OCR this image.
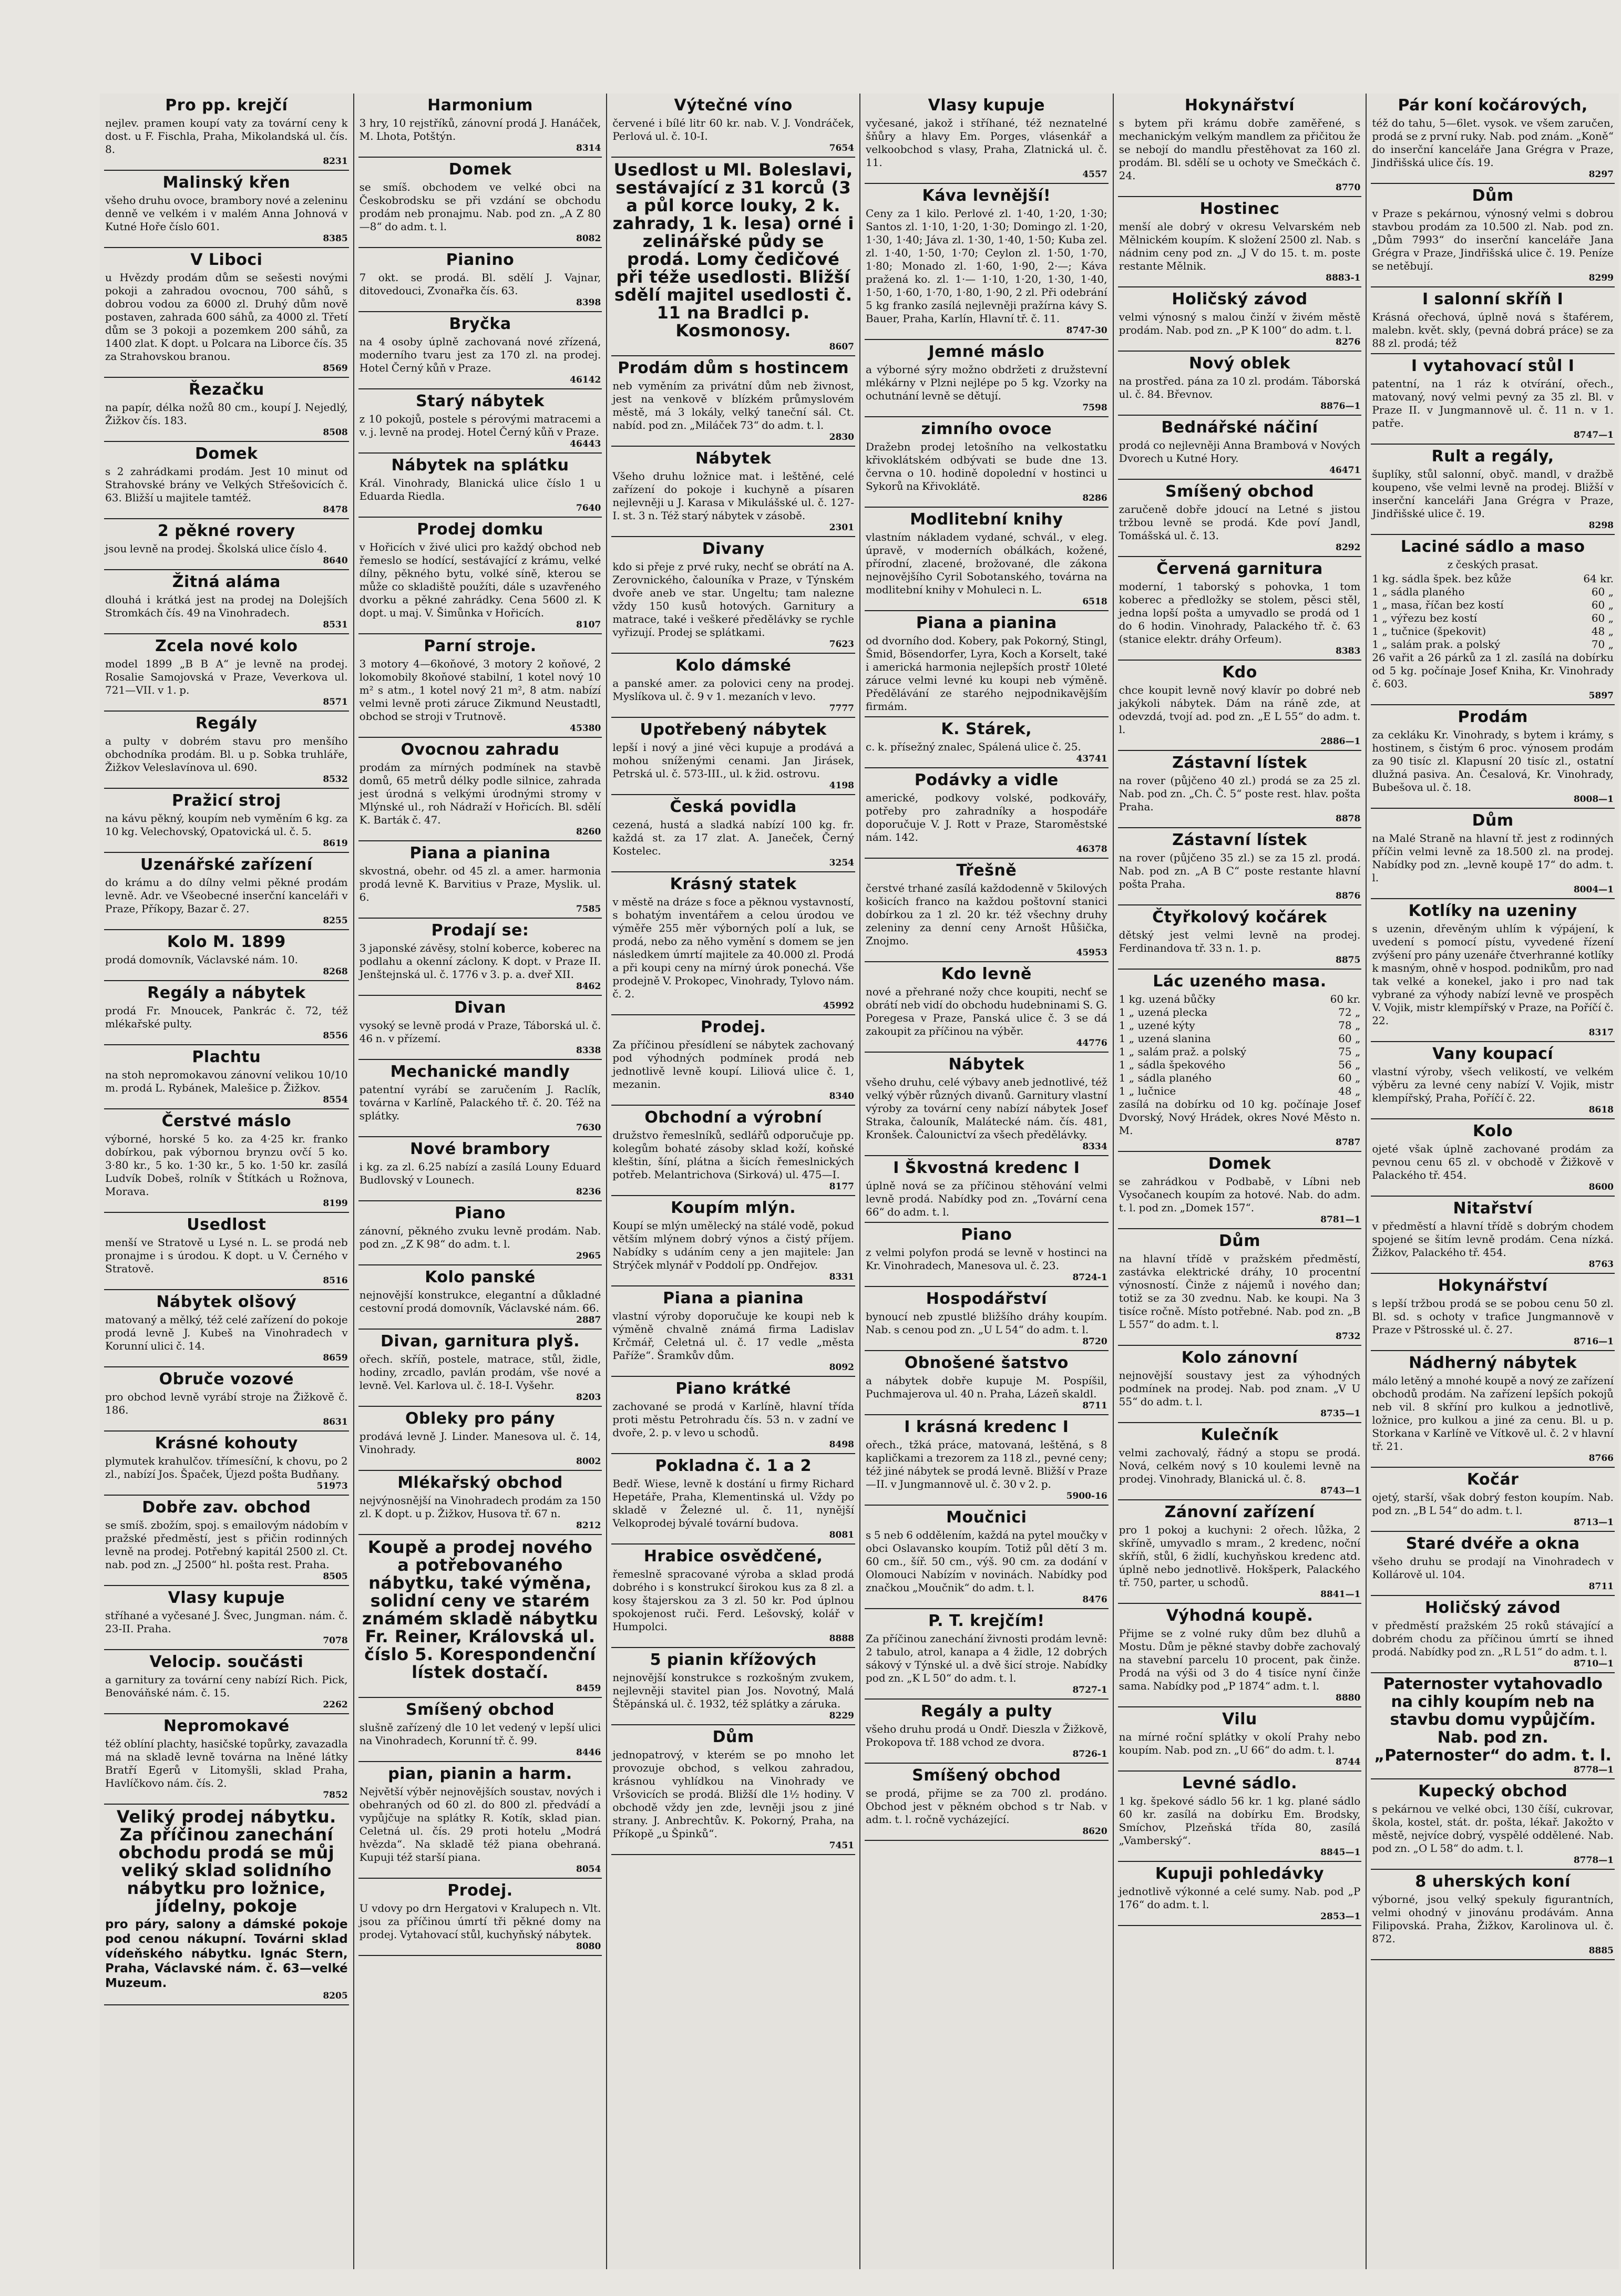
Pro pp. krejčí

nejlev. pramen koupí vaty za tovární ceny k dost. u F. Fischla, Praha, Mikolandská ul. čís. 8.

8231
Malinský křen

všeho druhu ovoce, brambory nové a zeleninu denně ve velkém i v malém Anna Johnová v Kutné Hoře číslo 601.

8385
V Liboci

u Hvězdy prodám dům se sešesti novými pokoji a zahradou ovocnou, 700 sáhů, s dobrou vodou za 6000 zl. Druhý dům nově postaven, zahrada 600 sáhů, za 4000 zl. Třetí dům se 3 pokoji a pozemkem 200 sáhů, za 1400 zlat. K dopt. u Polcara na Liborce čís. 35 za Strahovskou branou.

8569
Řezačku

na papír, délka nožů 80 cm., koupí J. Nejedlý, Žižkov čís. 183.

8508
Domek

s 2 zahrádkami prodám. Jest 10 minut od Strahovské brány ve Velkých Střešovicích č. 63. Bližší u majitele tamtéž.

8478
2 pěkné rovery

jsou levně na prodej. Školská ulice číslo 4.

8640
Žitná aláma

dlouhá i krátká jest na prodej na Dolejších Stromkách čís. 49 na Vinohradech.

8531
Zcela nové kolo

model 1899 „B B A“ je levně na prodej. Rosalie Samojovská v Praze, Veverkova ul. 721—VII. v 1. p.

8571
Regály

a pulty v dobrém stavu pro menšího obchodníka prodám. Bl. u p. Sobka truhláře, Žižkov Veleslavínova ul. 690.

8532
Pražicí stroj

na kávu pěkný, koupím neb vyměním 6 kg. za 10 kg. Velechovský, Opatovická ul. č. 5.

8619
Uzenářské zařízení

do krámu a do dílny velmi pěkné prodám levně. Adr. ve Všeobecné inserční kanceláři v Praze, Příkopy, Bazar č. 27.

8255
Kolo M. 1899

prodá domovník, Václavské nám. 10.

8268
Regály a nábytek

prodá Fr. Mnoucek, Pankrác č. 72, též mlékařské pulty.

8556
Plachtu

na stoh nepromokavou zánovní velikou 10/10 m. prodá L. Rybánek, Malešice p. Žižkov.

8554
Čerstvé máslo

výborné, horské 5 ko. za 4·25 kr. franko dobírkou, pak výbornou brynzu ovčí 5 ko. 3·80 kr., 5 ko. 1·30 kr., 5 ko. 1·50 kr. zasílá Ludvík Dobeš, rolník v Štítkách u Rožnova, Morava.

8199
Usedlost

menší ve Stratově u Lysé n. L. se prodá neb pronajme i s úrodou. K dopt. u V. Černého v Stratově.

8516
Nábytek olšový

matovaný a mělký, též celé zařízení do pokoje prodá levně J. Kubeš na Vinohradech v Korunní ulici č. 14.

8659
Obruče vozové

pro obchod levně vyrábí stroje na Žižkově č. 186.

8631
Krásné kohouty

plymutek krahulčov. třímesíční, k chovu, po 2 zl., nabízí Jos. Špaček, Újezd pošta Budňany.

51973
Dobře zav. obchod

se smíš. zbožím, spoj. s emailovým nádobím v pražské předměstí, jest s přičin rodinných levně na prodej. Potřebný kapitál 2500 zl. Ct. nab. pod zn. „J 2500“ hl. pošta rest. Praha.

8505
Vlasy kupuje

stříhané a vyčesané J. Švec, Jungman. nám. č. 23-II. Praha.

7078
Velocip. součásti

a garnitury za tovární ceny nabízí Rich. Pick, Benováňské nám. č. 15.

2262
Nepromokavé

též oblíní plachty, hasičské topůrky, zavazadla má na skladě levně továrna na lněné látky Bratří Egerů v Litomyšli, sklad Praha, Havlíčkovo nám. čís. 2.

7852
Veliký prodej nábytku. Za příčinou zanechání obchodu prodá se můj veliký sklad solidního nábytku pro ložnice, jídelny, pokoje

pro páry, salony a dámské pokoje pod cenou nákupní. Továrni sklad vídeňského nábytku. Ignác Stern, Praha, Václavské nám. č. 63—velké Muzeum.

8205
Harmonium

3 hry, 10 rejstříků, zánovní prodá J. Hanáček, M. Lhota, Potštýn.

8314
Domek

se smíš. obchodem ve velké obci na Českobrodsku se při vzdání se obchodu prodám neb pronajmu. Nab. pod zn. „A Z 80—8“ do adm. t. l.

8082
Pianino

7 okt. se prodá. Bl. sdělí J. Vajnar, ditovedouci, Zvonařka čís. 63.

8398
Bryčka

na 4 osoby úplně zachovaná nové zřízená, moderního tvaru jest za 170 zl. na prodej. Hotel Černý kůň v Praze.

46142
Starý nábytek

z 10 pokojů, postele s pérovými matracemi a v. j. levně na prodej. Hotel Černý kůň v Praze.

46443
Nábytek na splátku

Král. Vinohrady, Blanická ulice číslo 1 u Eduarda Riedla.

7640
Prodej domku

v Hořicích v živé ulici pro každý obchod neb řemeslo se hodící, sestávající z krámu, velké dílny, pěkného bytu, volké síně, kterou se může co skladiště použíti, dále s uzavřeného dvorku a pěkné zahrádky. Cena 5600 zl. K dopt. u maj. V. Šimůnka v Hořicích.

8107
Parní stroje.

3 motory 4—6koňové, 3 motory 2 koňové, 2 lokomobily 8koňové stabilní, 1 kotel nový 10 m² s atm., 1 kotel nový 21 m², 8 atm. nabízí velmi levně proti záruce Zikmund Neustadtl, obchod se stroji v Trutnově.

45380
Ovocnou zahradu

prodám za mírných podmínek na stavbě domů, 65 metrů délky podle silnice, zahrada jest úrodná s velkými úrodnými stromy v Mlýnské ul., roh Nádraží v Hořicích. Bl. sdělí K. Barták č. 47.

8260
Piana a pianina

skvostná, obehr. od 45 zl. a amer. harmonia prodá levně K. Barvitius v Praze, Myslik. ul. 6.

7585
Prodají se:

3 japonské závěsy, stolní koberce, koberec na podlahu a okenní záclony. K dopt. v Praze II. Jenštejnská ul. č. 1776 v 3. p. a. dveř XII.

8462
Divan

vysoký se levně prodá v Praze, Táborská ul. č. 46 n. v přízemí.

8338
Mechanické mandly

patentní vyrábí se zaručením J. Raclík, továrna v Karlíně, Palackého tř. č. 20. Též na splátky.

7630
Nové brambory

i kg. za zl. 6.25 nabízí a zasílá Louny Eduard Budlovský v Lounech.

8236
Piano

zánovní, pěkného zvuku levně prodám. Nab. pod zn. „Z K 98“ do adm. t. l.

2965
Kolo panské

nejnovější konstrukce, elegantní a důkladné cestovní prodá domovník, Václavské nám. 66.

2887
Divan, garnitura plyš.

ořech. skříň, postele, matrace, stůl, židle, hodiny, zrcadlo, pavlán prodám, vše nové a levně. Vel. Karlova ul. č. 18-I. Vyšehr.

8203
Obleky pro pány

prodává levně J. Linder. Manesova ul. č. 14, Vinohrady.

8002
Mlékařský obchod

nejvýnosnější na Vinohradech prodám za 150 zl. K dopt. u p. Žižkov, Husova tř. 67 n.

8212
Koupě a prodej nového a potřebovaného nábytku, také výměna, solidní ceny ve starém známém skladě nábytku Fr. Reiner, Královská ul. číslo 5. Korespondenční lístek dostačí.
8459
Smíšený obchod

slušně zařízený dle 10 let vedený v lepší ulici na Vinohradech, Korunní tř. č. 99.

8446
pian, pianin a harm.

Největší výběr nejnovějších soustav, nových i obehraných od 60 zl. do 800 zl. předvádí a vypůjčuje na splátky R. Kotík, sklad pian. Celetná ul. čís. 29 proti hotelu „Modrá hvězda“. Na skladě též piana obehraná. Kupuji též starší piana.

8054
Prodej.

U vdovy po drn Hergatovi v Kralupech n. Vlt. jsou za příčinou úmrtí tři pěkné domy na prodej. Vytahovací stůl, kuchyňský nábytek.

8080
Výtečné víno

červené i bílé litr 60 kr. nab. V. J. Vondráček, Perlová ul. č. 10-I.

7654
Usedlost u Ml. Boleslavi, sestávající z 31 korců (3 a půl korce louky, 2 k. zahrady, 1 k. lesa) orné i zelinářské půdy se prodá. Lomy čedičové při téže usedlosti. Bližší sdělí majitel usedlosti č. 11 na Bradlci p. Kosmonosy.
8607
Prodám dům s hostincem

neb vyměním za privátní dům neb živnost, jest na venkově v blízkém průmyslovém městě, má 3 lokály, velký taneční sál. Ct. nabíd. pod zn. „Miláček 73“ do adm. t. l.

2830
Nábytek

Všeho druhu ložnice mat. i leštěné, celé zařízení do pokoje i kuchyně a písaren nejlevněji u J. Karasa v Mikulášské ul. č. 127-I. st. 3 n. Též starý nábytek v zásobě.

2301
Divany

kdo si přeje z prvé ruky, nechť se obrátí na A. Zerovnického, čalouníka v Praze, v Týnském dvoře aneb ve star. Ungeltu; tam nalezne vždy 150 kusů hotových. Garnitury a matrace, také i veškeré předělávky se rychle vyřizují. Prodej se splátkami.

7623
Kolo dámské

a panské amer. za polovici ceny na prodej. Myslíkova ul. č. 9 v 1. mezaních v levo.

7777
Upotřebený nábytek

lepší i nový a jiné věci kupuje a prodává a mohou sníženými cenami. Jan Jirásek, Petrská ul. č. 573-III., ul. k žid. ostrovu.

4198
Česká povidla

cezená, hustá a sladká nabízí 100 kg. fr. každá st. za 17 zlat. A. Janeček, Černý Kostelec.

3254
Krásný statek

v městě na dráze s foce a pěknou vystavností, s bohatým inventářem a celou úrodou ve výměře 255 měr výborných polí a luk, se prodá, nebo za něho vymění s domem se jen následkem úmrtí majitele za 40.000 zl. Prodá a při koupi ceny na mírný úrok ponechá. Vše prodejně V. Prokopec, Vinohrady, Tylovo nám. č. 2.

45992
Prodej.

Za příčinou přesídlení se nábytek zachovaný pod výhodných podmínek prodá neb jednotlivě levně koupí. Liliová ulice č. 1, mezanin.

8340
Obchodní a výrobní

družstvo řemeslníků, sedlářů odporučuje pp. kolegům bohaté zásoby sklad koží, koňské kleštin, šíní, plátna a šicích řemeslnických potřeb. Melantrichova (Sirková) ul. 475—I.

8177
Koupím mlýn.

Koupí se mlýn umělecký na stálé vodě, pokud větším mlýnem dobrý výnos a čistý příjem. Nabídky s udáním ceny a jen majitele: Jan Strýček mlynář v Poddolí pp. Ondřejov.

8331
Piana a pianina

vlastní výroby doporučuje ke koupi neb k výměně chvalně známá firma Ladislav Krčmář, Celetná ul. č. 17 vedle „města Paříže“. Šramkův dům.

8092
Piano krátké

zachované se prodá v Karlíně, hlavní třída proti městu Petrohradu čís. 53 n. v zadní ve dvoře, 2. p. v levo u schodů.

8498
Pokladna č. 1 a 2

Bedř. Wiese, levně k dostání u firmy Richard Hepetáře, Praha, Klementinská ul. Vždy po skladě v Železné ul. č. 11, nynější Velkoprodej bývalé tovární budova.

8081
Hrabice osvědčené,

řemeslně spracované výroba a sklad prodá dobrého i s konstrukcí širokou kus za 8 zl. a kosy štajerskou za 3 zl. 50 kr. Pod úplnou spokojenost ruči. Ferd. Lešovský, kolář v Humpolci.

8888
5 pianin křížových

nejnovější konstrukce s rozkošným zvukem, nejlevněji stavitel pian Jos. Novotný, Malá Štěpánská ul. č. 1932, též splátky a záruka.

8229
Dům

jednopatrový, v kterém se po mnoho let provozuje obchod, s velkou zahradou, krásnou vyhlídkou na Vinohrady ve Vršovicích se prodá. Bližší dle 1½ hodiny. V obchodě vždy jen zde, levněji jsou z jiné strany. J. Anbrechtův. K. Pokorný, Praha, na Příkopě „u Špinků“.

7451
Vlasy kupuje

vyčesané, jakož i stříhané, též neznatelné šňůry a hlavy Em. Porges, vlásenkář a velkoobchod s vlasy, Praha, Zlatnická ul. č. 11.

4557
Káva levnější!

Ceny za 1 kilo. Perlové zl. 1·40, 1·20, 1·30; Santos zl. 1·10, 1·20, 1·30; Domingo zl. 1·20, 1·30, 1·40; Jáva zl. 1·30, 1·40, 1·50; Kuba zel. zl. 1·40, 1·50, 1·70; Ceylon zl. 1·50, 1·70, 1·80; Monado zl. 1·60, 1·90, 2·—; Káva pražená ko. zl. 1·— 1·10, 1·20, 1·30, 1·40, 1·50, 1·60, 1·70, 1·80, 1·90, 2 zl. Při odebrání 5 kg franko zasílá nejlevněji pražírna kávy S. Bauer, Praha, Karlín, Hlavní tř. č. 11.

8747-30
Jemné máslo

a výborné sýry možno obdržeti z družstevní mlékárny v Plzni nejlépe po 5 kg. Vzorky na ochutnání levně se dětují.

7598
zimního ovoce

Dražebn prodej letošního na velkostatku křivoklátském odbývati se bude dne 13. června o 10. hodině dopolední v hostinci u Sykorů na Křivoklátě.

8286
Modlitební knihy

vlastním nákladem vydané, schvál., v eleg. úpravě, v moderních obálkách, kožené, přírodní, zlacené, brožované, dle zákona nejnovějšího Cyril Sobotanského, továrna na modlitební knihy v Mohuleci n. L.

6518
Piana a pianina

od dvorního dod. Kobery, pak Pokorný, Stingl, Šmid, Bösendorfer, Lyra, Koch a Korselt, také i americká harmonia nejlepších prostř 10leté záruce velmi levné ku koupi neb výměně. Předělávání ze starého nejpodnikavějším firmám.

K. Stárek,

c. k. přísežný znalec, Spálená ulice č. 25.

43741
Podávky a vidle

americké, podkovy volské, podkovářy, potřeby pro zahradníky a hospodáře doporučuje V. J. Rott v Praze, Staroměstské nám. 142.

46378
Třešně

čerstvé trhané zasílá každodenně v 5kilových košicích franco na každou poštovní stanici dobírkou za 1 zl. 20 kr. též všechny druhy zeleniny za denní ceny Arnošt Hůšička, Znojmo.

45953
Kdo levně

nové a přehrané nožy chce koupiti, nechť se obrátí neb vidí do obchodu hudebninami S. G. Poregesa v Praze, Panská ulice č. 3 se dá zakoupit za příčinou na výběr.

44776
Nábytek

všeho druhu, celé výbavy aneb jednotlivé, též velký výběr různých divanů. Garnitury vlastní výroby za tovární ceny nabízí nábytek Josef Straka, čalouník, Malátecké nám. čís. 481, Kronšek. Čalounictví za všech předělávky.

8334
I Škvostná kredenc I

úplně nová se za příčinou stěhování velmi levně prodá. Nabídky pod zn. „Tovární cena 66“ do adm. t. l.

Piano

z velmi polyfon prodá se levně v hostinci na Kr. Vinohradech, Manesova ul. č. 23.

8724-1
Hospodářství

bynoucí neb zpustlé bližšího dráhy koupím. Nab. s cenou pod zn. „U L 54“ do adm. t. l.

8720
Obnošené šatstvo

a nábytek dobře kupuje M. Pospíšil, Puchmajerova ul. 40 n. Praha, Lázeň skaldl.

8711
I krásná kredenc I

ořech., tžká práce, matovaná, leštěná, s 8 kapličkami a trezorem za 118 zl., pevné ceny; též jiné nábytek se prodá levně. Bližší v Praze—II. v Jungmannově ul. č. 30 v 2. p.

5900-16
Moučnici

s 5 neb 6 oddělením, každá na pytel moučky v obci Oslavansko koupím. Totiž půl dětí 3 m. 60 cm., šíř. 50 cm., výš. 90 cm. za dodání v Olomouci Nabízím v novinách. Nabídky pod značkou „Moučnik“ do adm. t. l.

8476
P. T. krejčím!

Za příčinou zanechání živnosti prodám levně: 2 tabulo, atrol, kanapa a 4 židle, 12 dobrých sákový v Týnské ul. a dvě šicí stroje. Nabídky pod zn. „K L 50“ do adm. t. l.

8727-1
Regály a pulty

všeho druhu prodá u Ondř. Dieszla v Žižkově, Prokopova tř. 188 vchod ze dvora.

8726-1
Smíšený obchod

se prodá, přijme se za 700 zl. prodáno. Obchod jest v pěkném obchod s tr Nab. v adm. t. l. ročně vycházející.

8620
Hokynářství

s bytem při krámu dobře zaměřené, s mechanickým velkým mandlem za přičitou že se nebojí do mandlu přestěhovat za 160 zl. prodám. Bl. sdělí se u ochoty ve Smečkách č. 24.

8770
Hostinec

menší ale dobrý v okresu Velvarském neb Mělnickém koupím. K složení 2500 zl. Nab. s nádnim ceny pod zn. „J V do 15. t. m. poste restante Mělnik.

8883-1
Holičský závod

velmi výnosný s malou činží v živém městě prodám. Nab. pod zn. „P K 100“ do adm. t. l.

8276
Nový oblek

na prostřed. pána za 10 zl. prodám. Táborská ul. č. 84. Břevnov.

8876—1
Bednářské náčiní

prodá co nejlevněji Anna Brambová v Nových Dvorech u Kutné Hory.

46471
Smíšený obchod

zaručeně dobře jdoucí na Letné s jistou tržbou levně se prodá. Kde poví Jandl, Tomášská ul. č. 13.

8292
Červená garnitura

moderní, 1 taborský s pohovka, 1 tom koberec a předložky se stolem, pěsci stěl, jedna lopší pošta a umyvadlo se prodá od 1 do 6 hodin. Vinohrady, Palackého tř. č. 63 (stanice elektr. dráhy Orfeum).

8383
Kdo

chce koupit levně nový klavír po dobré neb jakýkoli nábytek. Dám na ráně zde, at odevzdá, tvojí ad. pod zn. „E L 55“ do adm. t. l.

2886—1
Zástavní lístek

na rover (půjčeno 40 zl.) prodá se za 25 zl. Nab. pod zn. „Ch. Č. 5“ poste rest. hlav. pošta Praha.

8878
Zástavní lístek

na rover (půjčeno 35 zl.) se za 15 zl. prodá. Nab. pod zn. „A B C“ poste restante hlavní pošta Praha.

8876
Čtyřkolový kočárek

dětský jest velmi levně na prodej. Ferdinandova tř. 33 n. 1. p.

8875
Lác uzeného masa.
1 kg. uzená bůčky	60 kr.
1 „ uzená plecka	72 „
1 „ uzené kýty	78 „
1 „ uzená slanina	60 „
1 „ salám praž. a polský	75 „
1 „ sádla špekového	56 „
1 „ sádla planého	60 „
1 „ lučnice	48 „

zasílá na dobírku od 10 kg. počínaje Josef Dvorský, Nový Hrádek, okres Nové Město n. M.

8787
Domek

se zahrádkou v Podbabě, v Líbni neb Vysočanech koupím za hotové. Nab. do adm. t. l. pod zn. „Domek 157“.

8781—1
Dům

na hlavní třídě v pražském předměstí, zastávka elektrické dráhy, 10 procentní výnosností. Činže z nájemů i nového dan; totiž se za 30 zvednu. Nab. ke koupi. Na 3 tisíce ročně. Místo potřebné. Nab. pod zn. „B L 557“ do adm. t. l.

8732
Kolo zánovní

nejnovější soustavy jest za výhodných podmínek na prodej. Nab. pod znam. „V U 55“ do adm. t. l.

8735—1
Kulečník

velmi zachovalý, řádný a stopu se prodá. Nová, celkém nový s 10 koulemi levně na prodej. Vinohrady, Blanická ul. č. 8.

8743—1
Zánovní zařízení

pro 1 pokoj a kuchyni: 2 ořech. lůžka, 2 skříně, umyvadlo s mram., 2 kredenc, noční skříň, stůl, 6 židlí, kuchyňskou kredenc atd. úplně nebo jednotlivě. Hokšperk, Palackého tř. 750, parter, u schodů.

8841—1
Výhodná koupě.

Přijme se z volné ruky dům bez dluhů a Mostu. Dům je pěkné stavby dobře zachovalý na stavební parcelu 10 procent, pak činže. Prodá na výši od 3 do 4 tisíce nyní činže sama. Nabídky pod „P 1874“ adm. t. l.

8880
Vilu

na mírné roční splátky v okolí Prahy nebo koupím. Nab. pod zn. „U 66“ do adm. t. l.

8744
Levné sádlo.

1 kg. špekové sádlo 56 kr. 1 kg. plané sádlo 60 kr. zasílá na dobírku Em. Brodsky, Smíchov, Plzeňská třída 80, zasílá „Vamberský“.

8845—1
Kupuji pohledávky

jednotlivě výkonné a celé sumy. Nab. pod „P 176“ do adm. t. l.

2853—1
Pár koní kočárových,

též do tahu, 5—6let. vysok. ve všem zaručen, prodá se z první ruky. Nab. pod znám. „Koně“ do inserční kanceláře Jana Grégra v Praze, Jindřišská ulice čís. 19.

8297
Dům

v Praze s pekárnou, výnosný velmi s dobrou stavbou prodám za 10.500 zl. Nab. pod zn. „Dům 7993“ do inserční kanceláře Jana Grégra v Praze, Jindřišská ulice č. 19. Peníze se netěbují.

8299
I salonní skříň I

Krásná ořechová, úplně nová s štaférem, malebn. květ. skly, (pevná dobrá práce) se za 88 zl. prodá; též

I vytahovací stůl I

patentní, na 1 ráz k otvírání, ořech., matovaný, nový velmi pevný za 35 zl. Bl. v Praze II. v Jungmannově ul. č. 11 n. v 1. patře.

8747—1
Rult a regály,

šuplíky, stůl salonní, obyč. mandl, v dražbě koupeno, vše velmi levně na prodej. Bližší v inserční kanceláři Jana Grégra v Praze, Jindřišské ulice č. 19.

8298
Laciné sádlo a maso

z českých prasat.

1 kg. sádla špek. bez kůže	64 kr.
1 „ sádla planého	60 „
1 „ masa, říčan bez kostí	60 „
1 „ výřezu bez kostí	60 „
1 „ tučnice (špekovit)	48 „
1 „ salám prak. a polský	70 „

26 vařit a 26 párků za 1 zl. zasílá na dobírku od 5 kg. počínaje Josef Kniha, Kr. Vinohrady č. 603.

5897
Prodám

za cekláku Kr. Vinohrady, s bytem i krámy, s hostinem, s čistým 6 proc. výnosem prodám za 90 tisíc zl. Klapusní 20 tisíc zl., ostatní dlužná pasiva. An. Česalová, Kr. Vinohrady, Bubešova ul. č. 18.

8008—1
Dům

na Malé Straně na hlavní tř. jest z rodinných příčin velmi levně za 18.500 zl. na prodej. Nabídky pod zn. „levně koupě 17“ do adm. t. l.

8004—1
Kotlíky na uzeniny

s uzenin, dřevěným uhlím k výpájení, k uvedení s pomocí pístu, vyvedené řízení zvýšení pro pány uzenáře čtverhranné kotlíky k masným, ohně v hospod. podnikům, pro nad tak velké a konekel, jako i pro nad tak vybrané za výhody nabízí levně ve prospěch V. Vojik, mistr klempířský v Praze, na Poříčí č. 22.

8317
Vany koupací

vlastní výroby, všech velikostí, ve velkém výběru za levné ceny nabízí V. Vojik, mistr klempířský, Praha, Poříčí č. 22.

8618
Kolo

ojeté však úplně zachované prodám za pevnou cenu 65 zl. v obchodě v Žižkově v Palackého tř. 454.

8600
Nitařství

v předměstí a hlavní třídě s dobrým chodem spojené se šitím levně prodám. Cena nízká. Žižkov, Palackého tř. 454.

8763
Hokynářství

s lepší tržbou prodá se se pobou cenu 50 zl. Bl. sd. s ochoty v trafice Jungmannově v Praze v Pštrosské ul. č. 27.

8716—1
Nádherný nábytek

málo letěný a mnohé koupě a nový ze zařízení obchodů prodám. Na zařízení lepších pokojů neb vil. 8 skříní pro kulkou a jednotlivě, ložnice, pro kulkou a jiné za cenu. Bl. u p. Storkana v Karlíně ve Vítkově ul. č. 2 v hlavní tř. 21.

8766
Kočár

ojetý, starší, však dobrý feston koupím. Nab. pod zn. „B L 54“ do adm. t. l.

8713—1
Staré dvéře a okna

všeho druhu se prodají na Vinohradech v Kollárově ul. 104.

8711
Holičský závod

v předměstí pražském 25 roků stávající a dobrém chodu za příčinou úmrtí se ihned prodá. Nabídky pod zn. „R L 51“ do adm. t. l.

8710—1

Paternoster vytahovadlo na cihly koupím neb na stavbu domu vypůjčím. Nab. pod zn. „Paternoster“ do adm. t. l.

8778—1
Kupecký obchod

s pekárnou ve velké obci, 130 číší, cukrovar, škola, kostel, stát. dr. pošta, lékař. Jakožto v městě, nejvíce dobrý, vyspělé oddělené. Nab. pod zn. „O L 58“ do adm. t. l.

8778—1
8 uherských koní

výborné, jsou velký spekuly figurantních, velmi ohodný v jinovánu prodávám. Anna Filipovská. Praha, Žižkov, Karolinova ul. č. 872.

8885
